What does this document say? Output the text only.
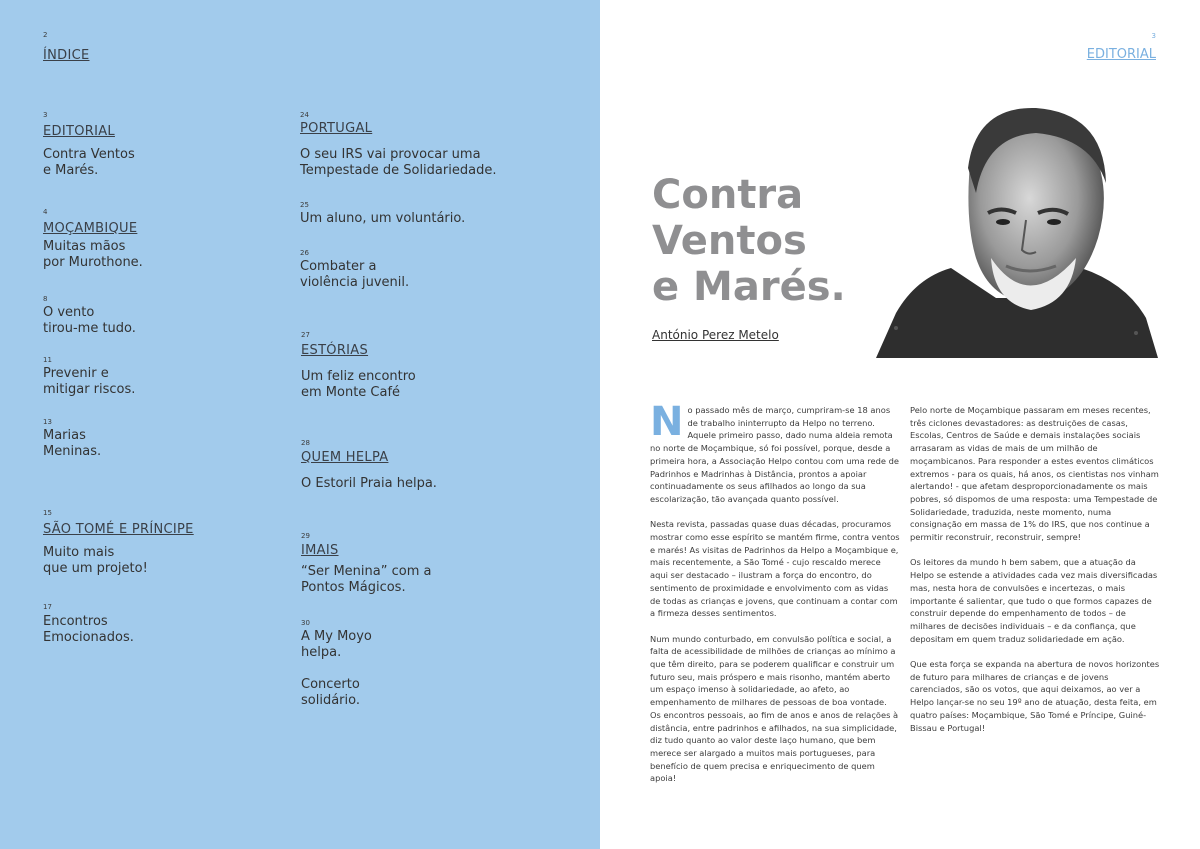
2
ÍNDICE
3
EDITORIAL
Contra Ventos
e Marés.
4
MOÇAMBIQUE
Muitas mãos
por Murothone.
8
O vento
tirou-me tudo.
11
Prevenir e
mitigar riscos.
13
Marias
Meninas.
15
SÃO TOMÉ E PRÍNCIPE
Muito mais
que um projeto!
17
Encontros
Emocionados.
24
PORTUGAL
O seu IRS vai provocar uma
Tempestade de Solidariedade.
25
Um aluno, um voluntário.
26
Combater a
violência juvenil.
27
ESTÓRIAS
Um feliz encontro
em Monte Café
28
QUEM HELPA
O Estoril Praia helpa.
29
IMAIS
“Ser Menina” com a
Pontos Mágicos.
30
A My Moyo
helpa.

Concerto
solidário.
3
EDITORIAL
Contra
Ventos
e Marés.
António Perez Metelo

No passado mês de março, cumpriram-se 18 anos de trabalho ininterrupto da Helpo no terreno. Aquele primeiro passo, dado numa aldeia remota no norte de Moçambique, só foi possível, porque, desde a primeira hora, a Associação Helpo contou com uma rede de Padrinhos e Madrinhas à Distância, prontos a apoiar continuadamente os seus afilhados ao longo da sua escolarização, tão avançada quanto possível.

Nesta revista, passadas quase duas décadas, procuramos mostrar como esse espírito se mantém firme, contra ventos e marés! As visitas de Padrinhos da Helpo a Moçambique e, mais recentemente, a São Tomé - cujo rescaldo merece aqui ser destacado – ilustram a força do encontro, do sentimento de proximidade e envolvimento com as vidas de todas as crianças e jovens, que continuam a contar com a firmeza desses sentimentos.

Num mundo conturbado, em convulsão política e social, a falta de acessibilidade de milhões de crianças ao mínimo a que têm direito, para se poderem qualificar e construir um futuro seu, mais próspero e mais risonho, mantém aberto um espaço imenso à solidariedade, ao afeto, ao empenhamento de milhares de pessoas de boa vontade. Os encontros pessoais, ao fim de anos e anos de relações à distância, entre padrinhos e afilhados, na sua simplicidade, diz tudo quanto ao valor deste laço humano, que bem merece ser alargado a muitos mais portugueses, para benefício de quem precisa e enriquecimento de quem apoia!

Pelo norte de Moçambique passaram em meses recentes, três ciclones devastadores: as destruições de casas, Escolas, Centros de Saúde e demais instalações sociais arrasaram as vidas de mais de um milhão de moçambicanos. Para responder a estes eventos climáticos extremos - para os quais, há anos, os cientistas nos vinham alertando! - que afetam desproporcionadamente os mais pobres, só dispomos de uma resposta: uma Tempestade de Solidariedade, traduzida, neste momento, numa consignação em massa de 1% do IRS, que nos continue a permitir reconstruir, reconstruir, sempre!

Os leitores da mundo h bem sabem, que a atuação da Helpo se estende a atividades cada vez mais diversificadas mas, nesta hora de convulsões e incertezas, o mais importante é salientar, que tudo o que formos capazes de construir depende do empenhamento de todos – de milhares de decisões individuais – e da confiança, que depositam em quem traduz solidariedade em ação.

Que esta força se expanda na abertura de novos horizontes de futuro para milhares de crianças e de jovens carenciados, são os votos, que aqui deixamos, ao ver a Helpo lançar-se no seu 19º ano de atuação, desta feita, em quatro países: Moçambique, São Tomé e Príncipe, Guiné-Bissau e Portugal!
